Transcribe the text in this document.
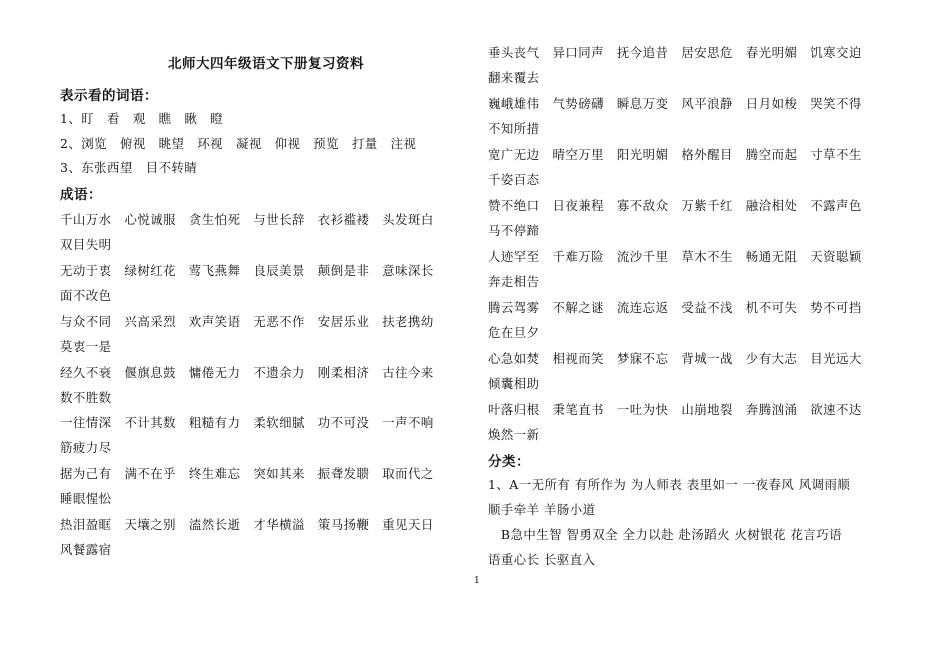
北师大四年级语文下册复习资料
表示看的词语：
1、盯　看　观　瞧　瞅　瞪
2、浏览　俯视　眺望　环视　凝视　仰视　预览　打量　注视
3、东张西望　目不转睛
成语：
千山万水　心悦诚服　贪生怕死　与世长辞　衣衫褴褛　头发斑白
双目失明
无动于衷　绿树红花　莺飞燕舞　良辰美景　颠倒是非　意味深长
面不改色
与众不同　兴高采烈　欢声笑语　无恶不作　安居乐业　扶老携幼
莫衷一是
经久不衰　偃旗息鼓　慵倦无力　不遗余力　刚柔相济　古往今来
数不胜数
一往情深　不计其数　粗糙有力　柔软细腻　功不可没　一声不响
筋疲力尽
据为己有　满不在乎　终生难忘　突如其来　振聋发聩　取而代之
睡眼惺忪
热泪盈眶　天壤之别　溘然长逝　才华横溢　策马扬鞭　重见天日
风餐露宿
垂头丧气　异口同声　抚今追昔　居安思危　春光明媚　饥寒交迫
翻来覆去
巍峨雄伟　气势磅礴　瞬息万变　风平浪静　日月如梭　哭笑不得
不知所措
宽广无边　晴空万里　阳光明媚　格外醒目　腾空而起　寸草不生
千姿百态
赞不绝口　日夜兼程　寡不敌众　万紫千红　融洽相处　不露声色
马不停蹄
人迹罕至　千难万险　流沙千里　草木不生　畅通无阻　天资聪颖
奔走相告
腾云驾雾　不解之谜　流连忘返　受益不浅　机不可失　势不可挡
危在旦夕
心急如焚　相视而笑　梦寐不忘　背城一战　少有大志　目光远大
倾囊相助
叶落归根　秉笔直书　一吐为快　山崩地裂　奔腾汹涌　欲速不达
焕然一新
分类：
1、A一无所有 有所作为 为人师表 表里如一 一夜春风 风调雨顺
顺手牵羊 羊肠小道
　B急中生智 智勇双全 全力以赴 赴汤蹈火 火树银花 花言巧语
语重心长 长驱直入
1
